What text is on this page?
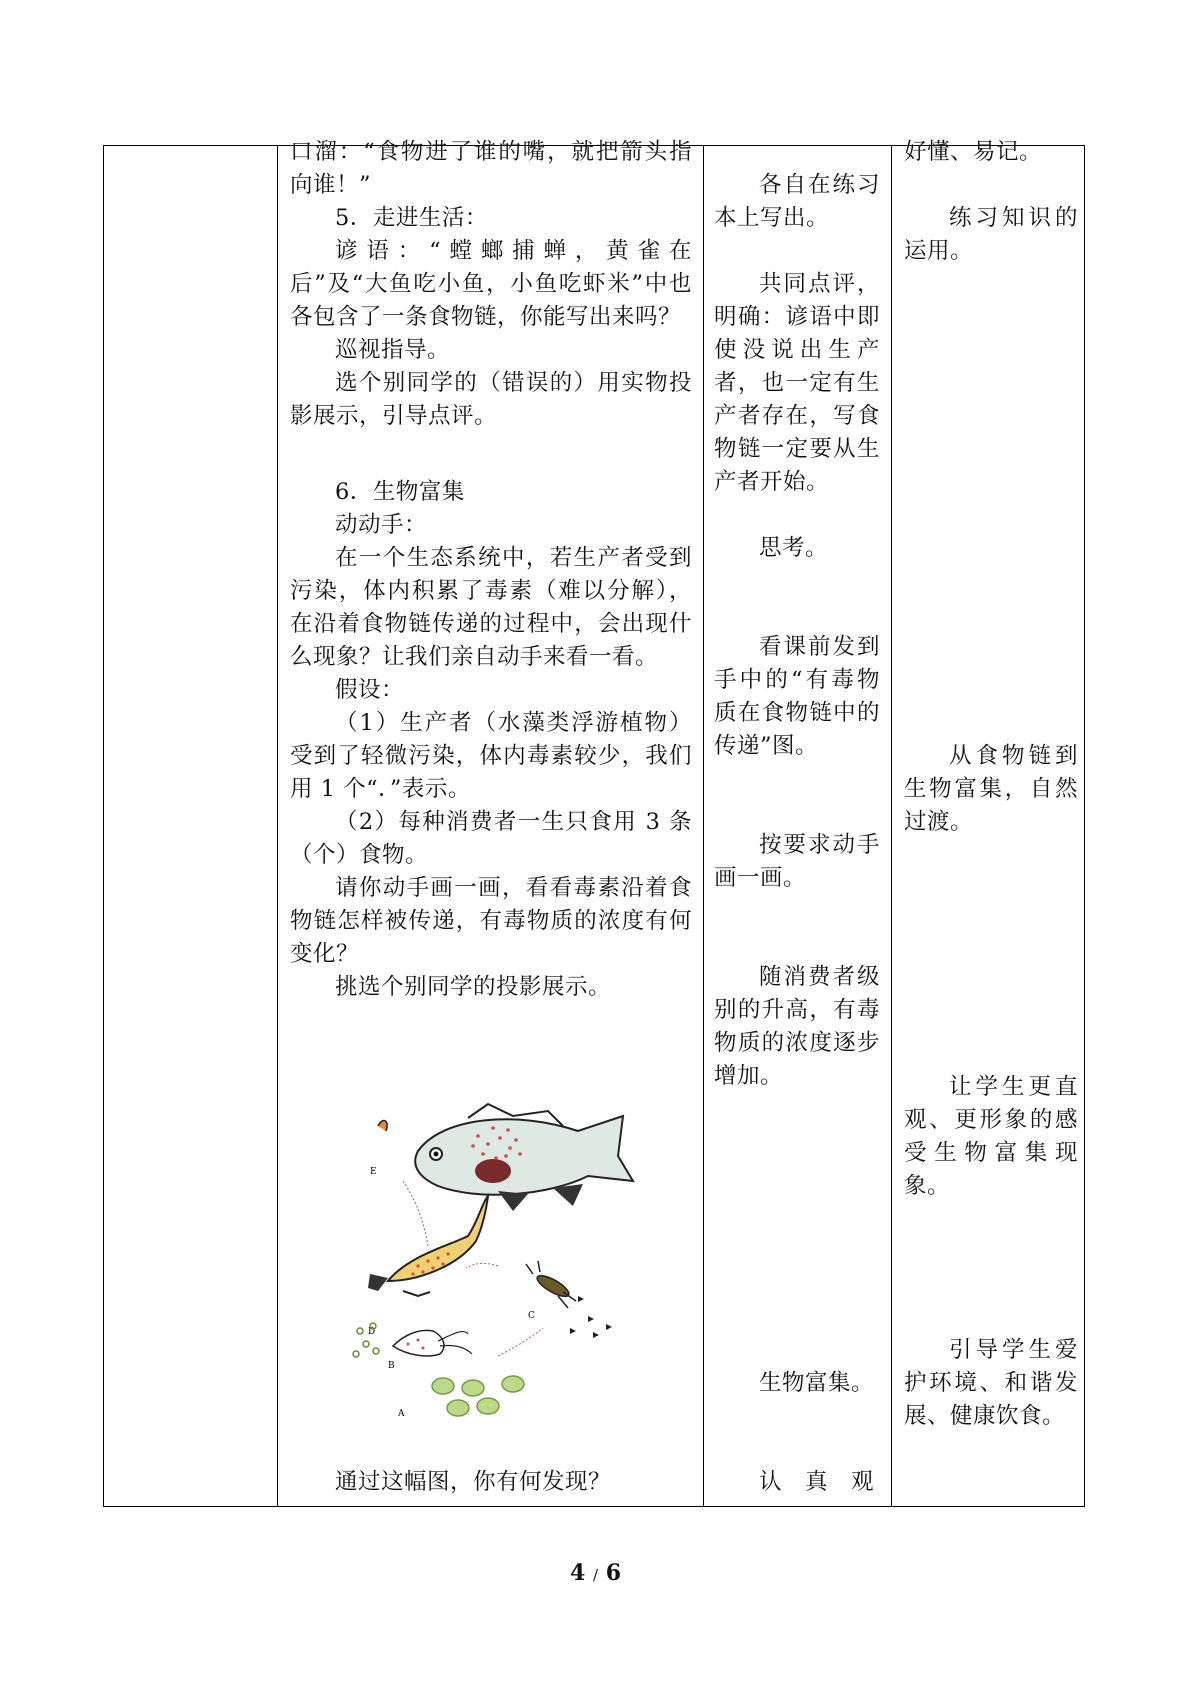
口溜：“食物进了谁的嘴，就把箭头指

向谁！”

5．走进生活：

谚语：“螳螂捕蝉，黄雀在后”及“大鱼吃小鱼，小鱼吃虾米”中也各包含了一条食物链，你能写出来吗？

巡视指导。

选个别同学的（错误的）用实物投影展示，引导点评。

6．生物富集

动动手：

在一个生态系统中，若生产者受到污染，体内积累了毒素（难以分解），在沿着食物链传递的过程中，会出现什么现象？让我们亲自动手来看一看。

假设：

（1）生产者（水藻类浮游植物）受到了轻微污染，体内毒素较少，我们用 1 个“．”表示。

（2）每种消费者一生只食用 3 条（个）食物。

请你动手画一画，看看毒素沿着食物链怎样被传递，有毒物质的浓度有何变化？

挑选个别同学的投影展示。

E
D
C
B
A

通过这幅图，你有何发现？

各自在练习本上写出。

共同点评，明确：谚语中即使没说出生产者，也一定有生产者存在，写食物链一定要从生产者开始。

思考。

看课前发到手中的“有毒物质在食物链中的传递”图。

按要求动手画一画。

随消费者级别的升高，有毒物质的浓度逐步增加。

生物富集。

认　真　观

好懂、易记。

练习知识的运用。

从食物链到生物富集，自然过渡。

让学生更直观、更形象的感受生物富集现象。

引导学生爱护环境、和谐发展、健康饮食。

4 / 6
